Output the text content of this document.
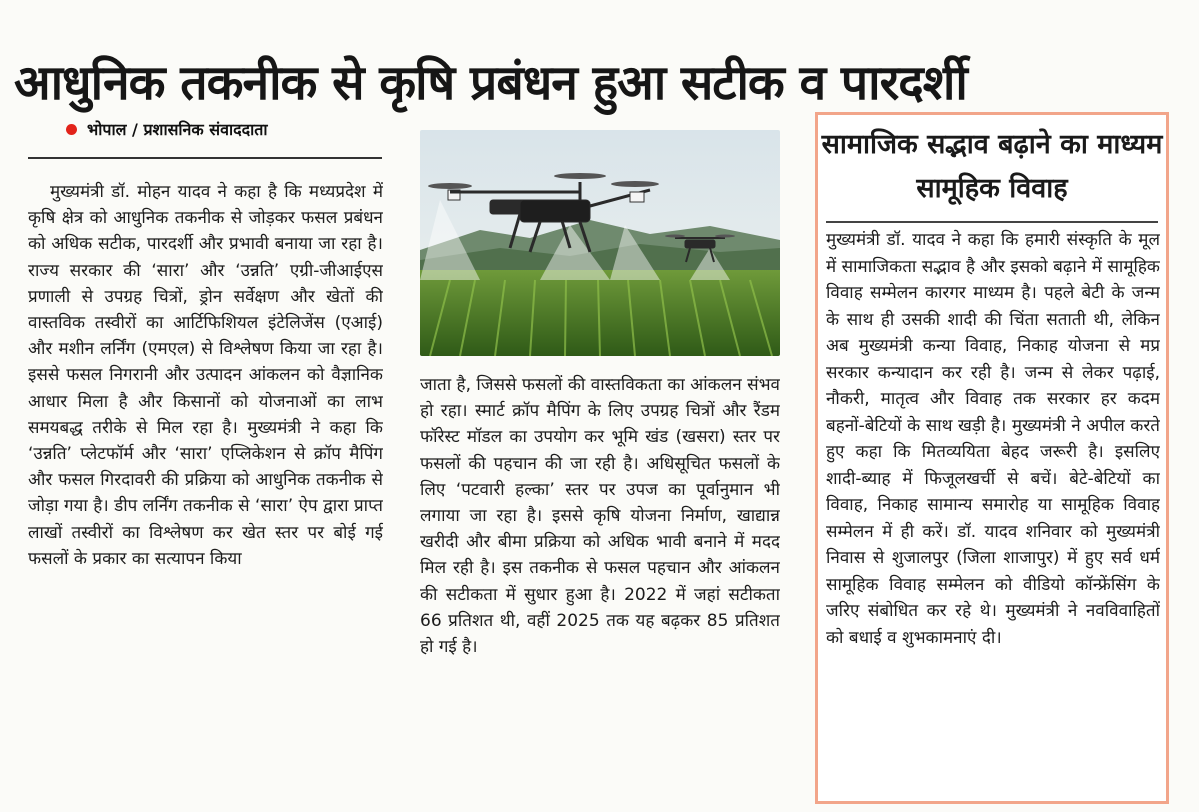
आधुनिक तकनीक से कृषि प्रबंधन हुआ सटीक व पारदर्शी
भोपाल / प्रशासनिक संवाददाता

मुख्यमंत्री डॉ. मोहन यादव ने कहा है कि मध्यप्रदेश में कृषि क्षेत्र को आधुनिक तकनीक से जोड़कर फसल प्रबंधन को अधिक सटीक, पारदर्शी और प्रभावी बनाया जा रहा है। राज्य सरकार की ‘सारा’ और ‘उन्नति’ एग्री-जीआईएस प्रणाली से उपग्रह चित्रों, ड्रोन सर्वेक्षण और खेतों की वास्तविक तस्वीरों का आर्टिफिशियल इंटेलिजेंस (एआई) और मशीन लर्निंग (एमएल) से विश्लेषण किया जा रहा है। इससे फसल निगरानी और उत्पादन आंकलन को वैज्ञानिक आधार मिला है और किसानों को योजनाओं का लाभ समयबद्ध तरीके से मिल रहा है। मुख्यमंत्री ने कहा कि ‘उन्नति’ प्लेटफॉर्म और ‘सारा’ एप्लिकेशन से क्रॉप मैपिंग और फसल गिरदावरी की प्रक्रिया को आधुनिक तकनीक से जोड़ा गया है। डीप लर्निंग तकनीक से ‘सारा’ ऐप द्वारा प्राप्त लाखों तस्वीरों का विश्लेषण कर खेत स्तर पर बोई गई फसलों के प्रकार का सत्यापन किया

जाता है, जिससे फसलों की वास्तविकता का आंकलन संभव हो रहा। स्मार्ट क्रॉप मैपिंग के लिए उपग्रह चित्रों और रैंडम फॉरेस्ट मॉडल का उपयोग कर भूमि खंड (खसरा) स्तर पर फसलों की पहचान की जा रही है। अधिसूचित फसलों के लिए ‘पटवारी हल्का’ स्तर पर उपज का पूर्वानुमान भी लगाया जा रहा है। इससे कृषि योजना निर्माण, खाद्यान्न खरीदी और बीमा प्रक्रिया को अधिक भावी बनाने में मदद मिल रही है। इस तकनीक से फसल पहचान और आंकलन की सटीकता में सुधार हुआ है। 2022 में जहां सटीकता 66 प्रतिशत थी, वहीं 2025 तक यह बढ़कर 85 प्रतिशत हो गई है।

सामाजिक सद्भाव बढ़ाने का माध्यम सामूहिक विवाह

मुख्यमंत्री डॉ. यादव ने कहा कि हमारी संस्कृति के मूल में सामाजिकता सद्भाव है और इसको बढ़ाने में सामूहिक विवाह सम्मेलन कारगर माध्यम है। पहले बेटी के जन्म के साथ ही उसकी शादी की चिंता सताती थी, लेकिन अब मुख्यमंत्री कन्या विवाह, निकाह योजना से मप्र सरकार कन्यादान कर रही है। जन्म से लेकर पढ़ाई, नौकरी, मातृत्व और विवाह तक सरकार हर कदम बहनों-बेटियों के साथ खड़ी है। मुख्यमंत्री ने अपील करते हुए कहा कि मितव्ययिता बेहद जरूरी है। इसलिए शादी-ब्याह में फिजूलखर्ची से बचें। बेटे-बेटियों का विवाह, निकाह सामान्य समारोह या सामूहिक विवाह सम्मेलन में ही करें। डॉ. यादव शनिवार को मुख्यमंत्री निवास से शुजालपुर (जिला शाजापुर) में हुए सर्व धर्म सामूहिक विवाह सम्मेलन को वीडियो कॉन्फ्रेंसिंग के जरिए संबोधित कर रहे थे। मुख्यमंत्री ने नवविवाहितों को बधाई व शुभकामनाएं दी।
